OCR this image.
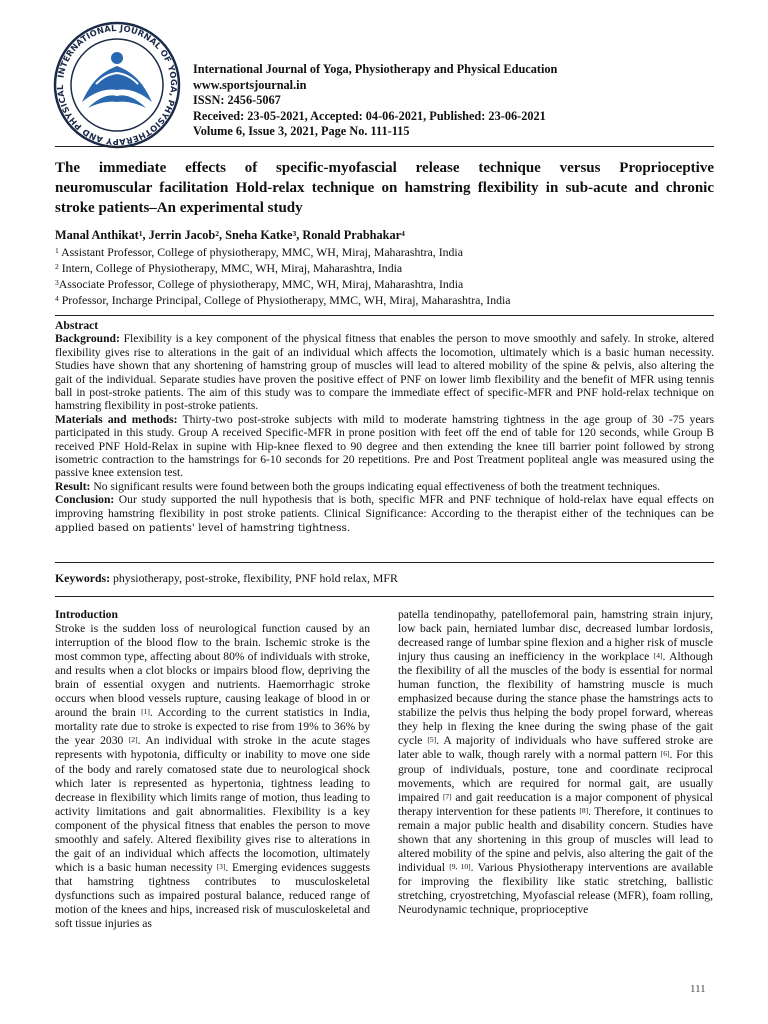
INTERNATIONAL JOURNAL OF YOGA, PHYSIOTHERAPY AND PHYSICAL
International Journal of Yoga, Physiotherapy and Physical Education
www.sportsjournal.in
ISSN: 2456-5067
Received: 23-05-2021, Accepted: 04-06-2021, Published: 23-06-2021
Volume 6, Issue 3, 2021, Page No. 111-115
The immediate effects of specific-myofascial release technique versus Proprioceptive
neuromuscular facilitation Hold-relax technique on hamstring flexibility in sub-acute and chronic
stroke patients–An experimental study
Manal Anthikat$^1$, Jerrin Jacob$^2$, Sneha Katke$^3$, Ronald Prabhakar$^4$
$^1$ Assistant Professor, College of physiotherapy, MMC, WH, Miraj, Maharashtra, India
$^2$ Intern, College of Physiotherapy, MMC, WH, Miraj, Maharashtra, India
$^3$Associate Professor, College of physiotherapy, MMC, WH, Miraj, Maharashtra, India
$^4$ Professor, Incharge Principal, College of Physiotherapy, MMC, WH, Miraj, Maharashtra, India

Abstract

Background: Flexibility is a key component of the physical fitness that enables the person to move smoothly and safely. In stroke, altered flexibility gives rise to alterations in the gait of an individual which affects the locomotion, ultimately which is a basic human necessity. Studies have shown that any shortening of hamstring group of muscles will lead to altered mobility of the spine & pelvis, also altering the gait of the individual. Separate studies have proven the positive effect of PNF on lower limb flexibility and the benefit of MFR using tennis ball in post-stroke patients. The aim of this study was to compare the immediate effect of specific-MFR and PNF hold-relax technique on hamstring flexibility in post-stroke patients.

Materials and methods: Thirty-two post-stroke subjects with mild to moderate hamstring tightness in the age group of 30 -75 years participated in this study. Group A received Specific-MFR in prone position with feet off the end of table for 120 seconds, while Group B received PNF Hold-Relax in supine with Hip-knee flexed to 90 degree and then extending the knee till barrier point followed by strong isometric contraction to the hamstrings for 6-10 seconds for 20 repetitions. Pre and Post Treatment popliteal angle was measured using the passive knee extension test.

Result: No significant results were found between both the groups indicating equal effectiveness of both the treatment techniques.

Conclusion: Our study supported the null hypothesis that is both, specific MFR and PNF technique of hold-relax have equal effects on improving hamstring flexibility in post stroke patients. Clinical Significance: According to the therapist either of the techniques can be applied based on patients' level of hamstring tightness.

Keywords: physiotherapy, post-stroke, flexibility, PNF hold relax, MFR

Introduction

Stroke is the sudden loss of neurological function caused by an interruption of the blood flow to the brain. Ischemic stroke is the most common type, affecting about 80% of individuals with stroke, and results when a clot blocks or impairs blood flow, depriving the brain of essential oxygen and nutrients. Haemorrhagic stroke occurs when blood vessels rupture, causing leakage of blood in or around the brain [1]. According to the current statistics in India, mortality rate due to stroke is expected to rise from 19% to 36% by the year 2030 [2]. An individual with stroke in the acute stages represents with hypotonia, difficulty or inability to move one side of the body and rarely comatosed state due to neurological shock which later is represented as hypertonia, tightness leading to decrease in flexibility which limits range of motion, thus leading to activity limitations and gait abnormalities. Flexibility is a key component of the physical fitness that enables the person to move smoothly and safely. Altered flexibility gives rise to alterations in the gait of an individual which affects the locomotion, ultimately which is a basic human necessity [3]. Emerging evidences suggests that hamstring tightness contributes to musculoskeletal dysfunctions such as impaired postural balance, reduced range of motion of the knees and hips, increased risk of musculoskeletal and soft tissue injuries as

patella tendinopathy, patellofemoral pain, hamstring strain injury, low back pain, herniated lumbar disc, decreased lumbar lordosis, decreased range of lumbar spine flexion and a higher risk of muscle injury thus causing an inefficiency in the workplace [4]. Although the flexibility of all the muscles of the body is essential for normal human function, the flexibility of hamstring muscle is much emphasized because during the stance phase the hamstrings acts to stabilize the pelvis thus helping the body propel forward, whereas they help in flexing the knee during the swing phase of the gait cycle [5]. A majority of individuals who have suffered stroke are later able to walk, though rarely with a normal pattern [6]. For this group of individuals, posture, tone and coordinate reciprocal movements, which are required for normal gait, are usually impaired [7] and gait reeducation is a major component of physical therapy intervention for these patients [8]. Therefore, it continues to remain a major public health and disability concern. Studies have shown that any shortening in this group of muscles will lead to altered mobility of the spine and pelvis, also altering the gait of the individual [9, 10]. Various Physiotherapy interventions are available for improving the flexibility like static stretching, ballistic stretching, cryostretching, Myofascial release (MFR), foam rolling, Neurodynamic technique, proprioceptive

111
